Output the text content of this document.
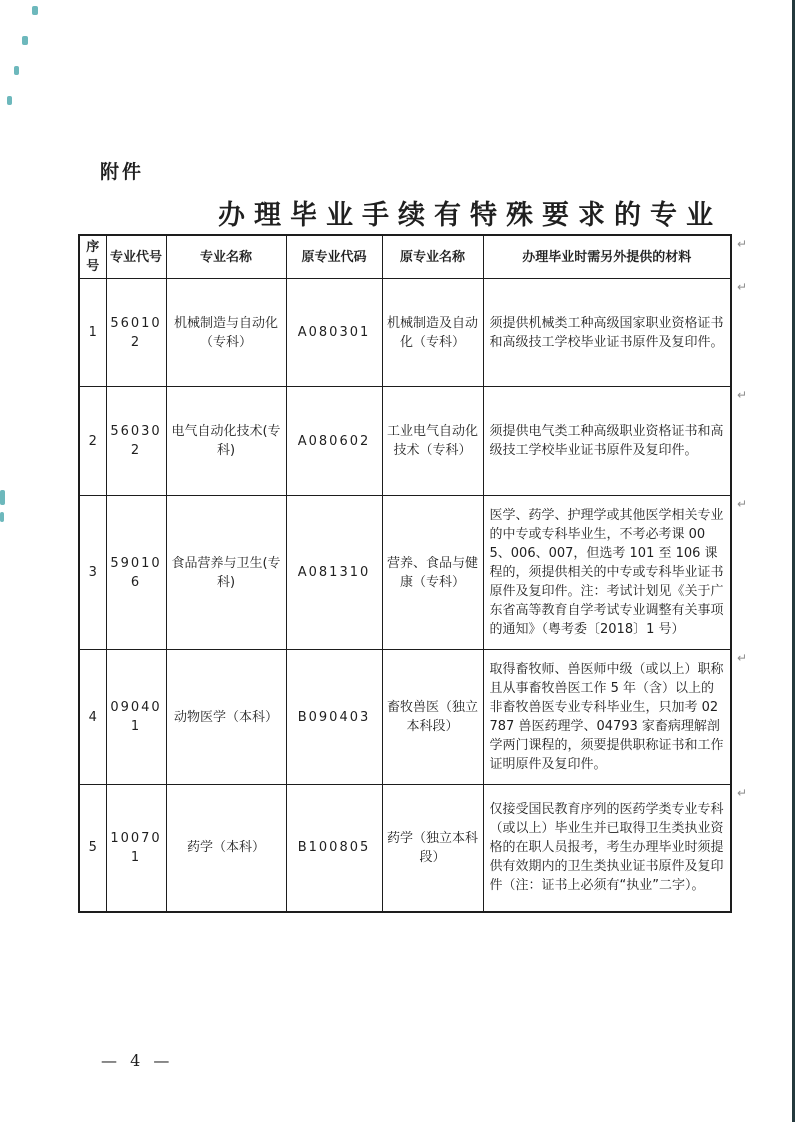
附件
办理毕业手续有特殊要求的专业
序号	专业代号	专业名称	原专业代码	原专业名称	办理毕业时需另外提供的材料
↵

1	560102	机械制造与自动化（专科）	A080301	机械制造及自动化（专科）	须提供机械类工种高级国家职业资格证书和高级技工学校毕业证书原件及复印件。
↵

2	560302	电气自动化技术(专科)	A080602	工业电气自动化技术（专科）	须提供电气类工种高级职业资格证书和高级技工学校毕业证书原件及复印件。
↵

3	590106	食品营养与卫生(专科)	A081310	营养、食品与健康（专科）	医学、药学、护理学或其他医学相关专业的中专或专科毕业生，不考必考课 005、006、007，但选考 101 至 106 课程的，须提供相关的中专或专科毕业证书原件及复印件。注：考试计划见《关于广东省高等教育自学考试专业调整有关事项的通知》（粤考委〔2018〕1 号）
↵

4	090401	动物医学（本科）	B090403	畜牧兽医（独立本科段）	取得畜牧师、兽医师中级（或以上）职称且从事畜牧兽医工作 5 年（含）以上的非畜牧兽医专业专科毕业生，只加考 02787 兽医药理学、04793 家畜病理解剖学两门课程的，须要提供职称证书和工作证明原件及复印件。
↵

5	100701	药学（本科）	B100805	药学（独立本科段）	仅接受国民教育序列的医药学类专业专科（或以上）毕业生并已取得卫生类执业资格的在职人员报考，考生办理毕业时须提供有效期内的卫生类执业证书原件及复印件（注：证书上必须有“执业”二字）。
↵
— 4 —
